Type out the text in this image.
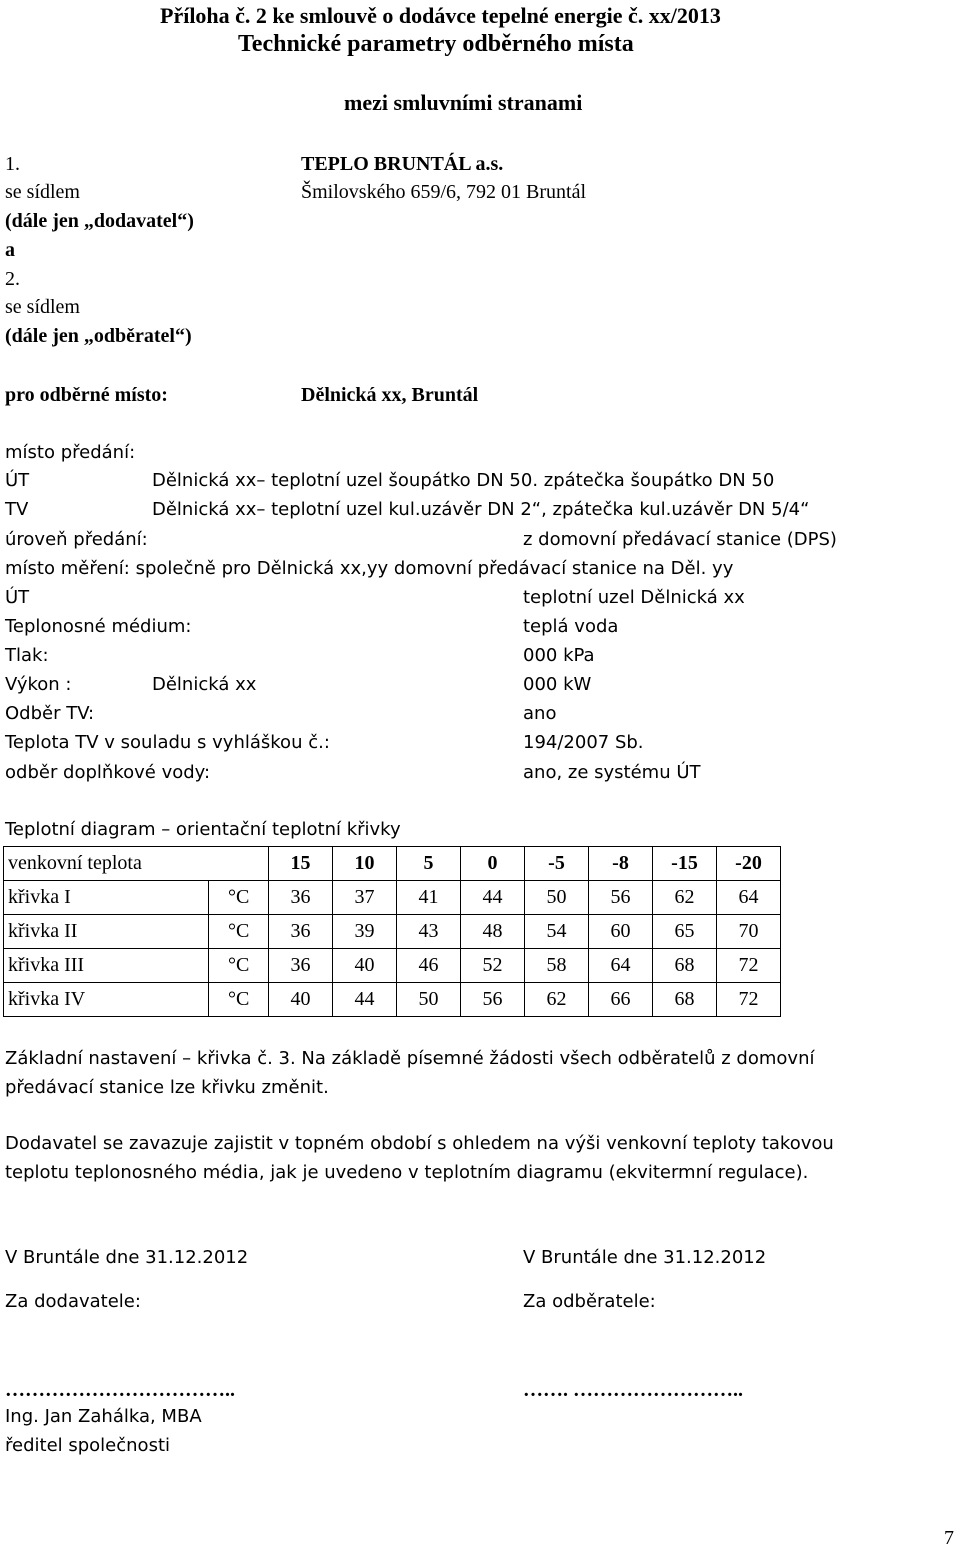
Příloha č. 2 ke smlouvě o dodávce tepelné energie č. xx/2013
Technické parametry odběrného místa
mezi smluvními stranami
1.	TEPLO BRUNTÁL a.s.
se sídlem	Šmilovského 659/6, 792 01 Bruntál
(dále jen „dodavatel“)
a
2.
se sídlem
(dále jen „odběratel“)
pro odběrné místo:	Dělnická xx, Bruntál
místo předání:
ÚT	Dělnická xx– teplotní uzel šoupátko DN 50. zpátečka šoupátko DN 50
TV	Dělnická xx– teplotní uzel kul.uzávěr DN 2“, zpátečka kul.uzávěr DN 5/4“
úroveň předání:	z domovní předávací stanice (DPS)
místo měření: společně pro Dělnická xx,yy domovní předávací stanice na Děl. yy
ÚT	teplotní uzel Dělnická xx
Teplonosné médium:	teplá voda
Tlak:	000 kPa
Výkon :	Dělnická xx	000 kW
Odběr TV:	ano
Teplota TV v souladu s vyhláškou č.:	194/2007 Sb.
odběr doplňkové vody:	ano, ze systému ÚT
Teplotní diagram – orientační teplotní křivky
venkovní teplota		15	10	5	0	-5	-8	-15	-20
křivka I	°C	36	37	41	44	50	56	62	64
křivka II	°C	36	39	43	48	54	60	65	70
křivka III	°C	36	40	46	52	58	64	68	72
křivka IV	°C	40	44	50	56	62	66	68	72
Základní nastavení – křivka č. 3. Na základě písemné žádosti všech odběratelů z domovní
předávací stanice lze křivku změnit.
Dodavatel se zavazuje zajistit v topném období s ohledem na výši venkovní teploty takovou
teplotu teplonosného média, jak je uvedeno v teplotním diagramu (ekvitermní regulace).
V Bruntále dne 31.12.2012	V Bruntále dne 31.12.2012
Za dodavatele:	Za odběratele:
……………………………..	……. ……………………..
Ing. Jan Zahálka, MBA
ředitel společnosti
7
